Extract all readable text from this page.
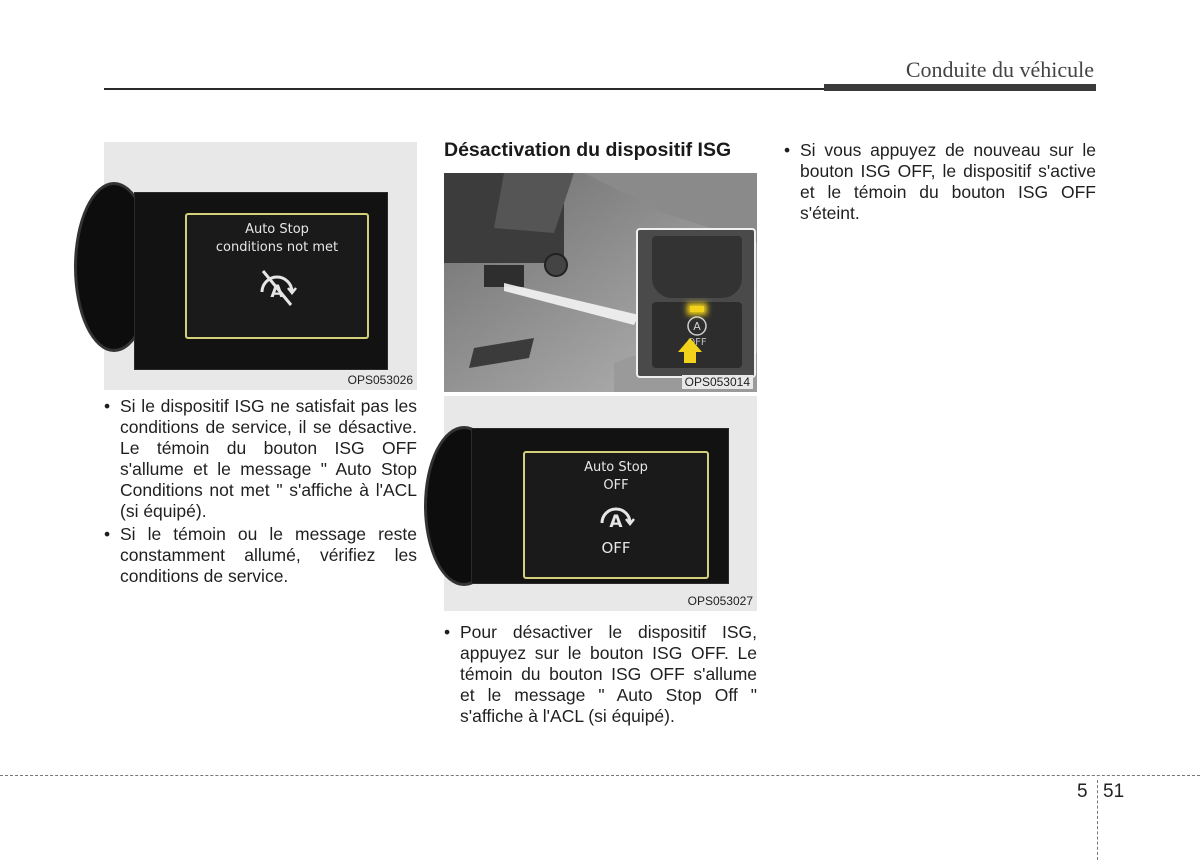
Conduite du véhicule
Auto Stop
conditions not met
A
OPS053026
• Si le dispositif ISG ne satisfait pas les conditions de service, il se désactive. Le témoin du bouton ISG OFF s'allume et le message " Auto Stop Conditions not met " s'affiche à l'ACL (si équipé).
• Si le témoin ou le message reste constamment allumé, vérifiez les conditions de service.
Désactivation du dispositif ISG
A
OFF
OPS053014
Auto Stop
OFF
A
OFF
OPS053027
• Pour désactiver le dispositif ISG, appuyez sur le bouton ISG OFF. Le témoin du bouton ISG OFF s'allume et le message " Auto Stop Off " s'affiche à l'ACL (si équipé).
• Si vous appuyez de nouveau sur le bouton ISG OFF, le dispositif s'active et le témoin du bouton ISG OFF s'éteint.
5 51
